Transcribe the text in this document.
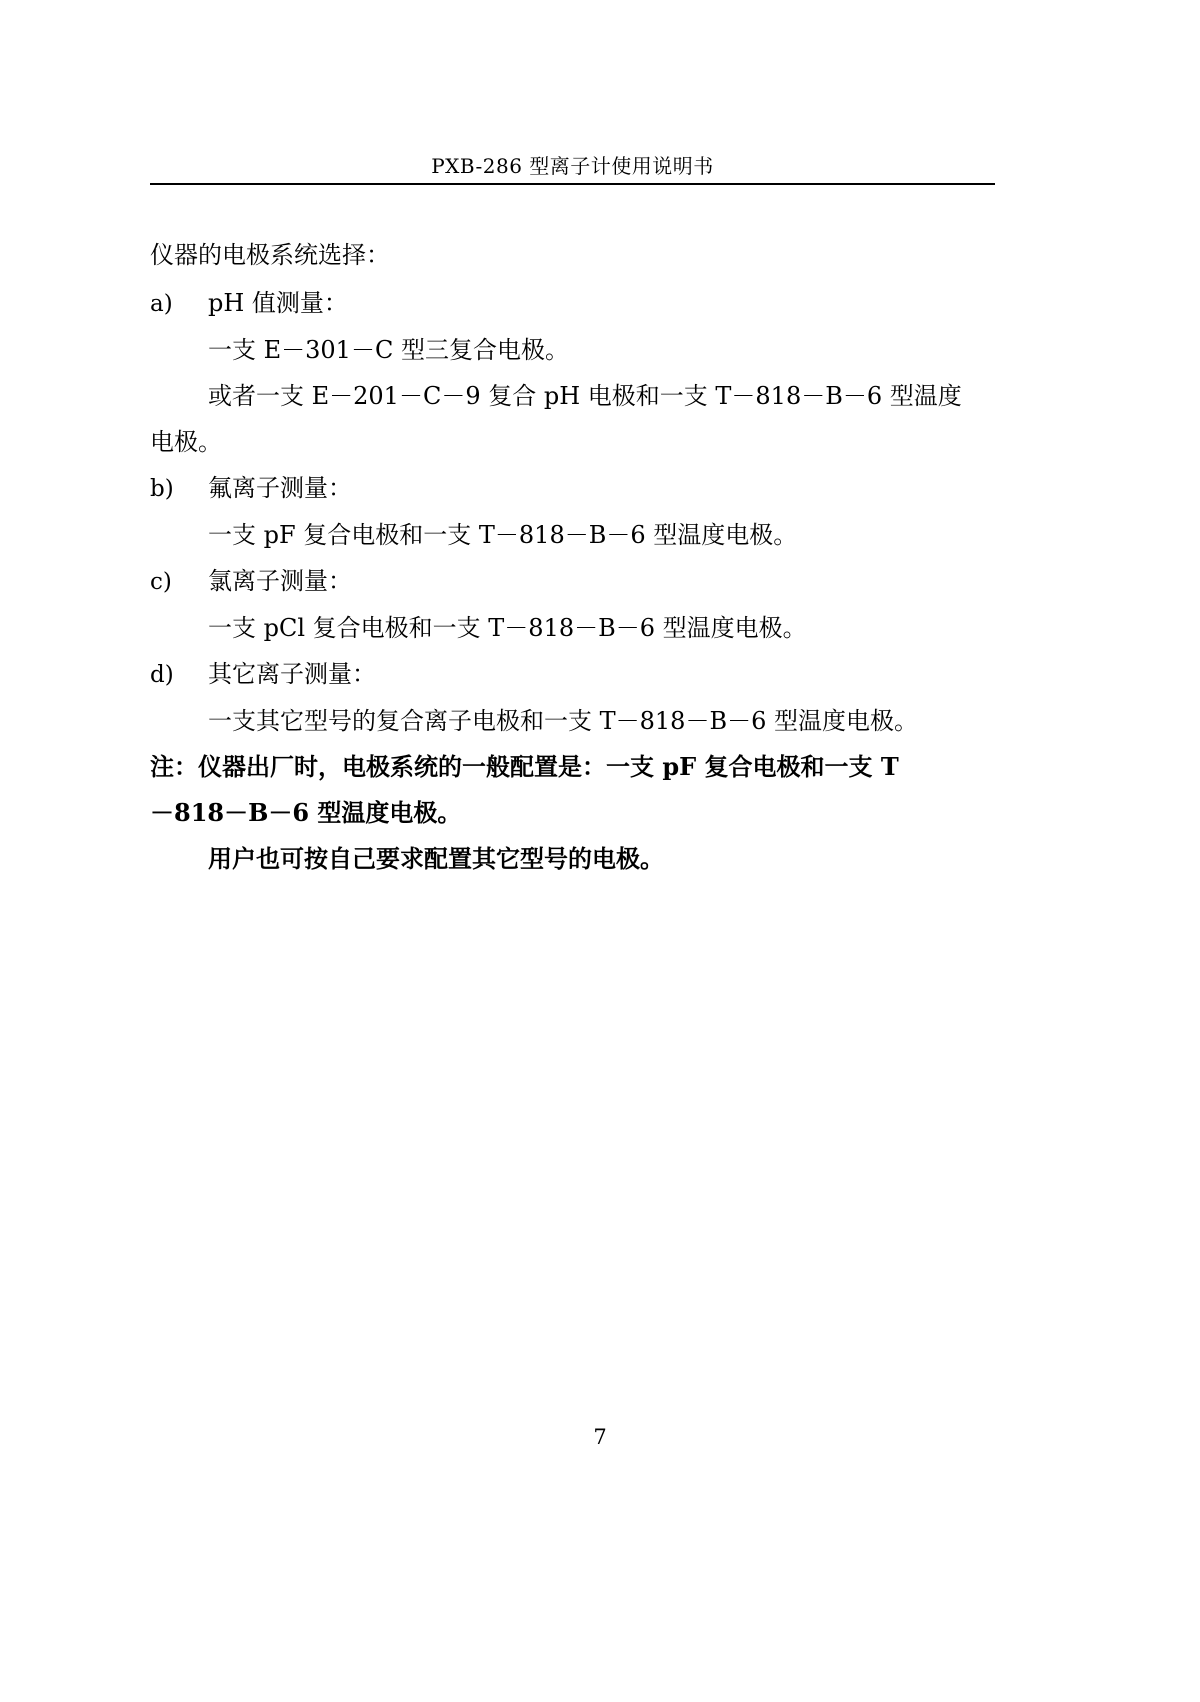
PXB-286 型离子计使用说明书
仪器的电极系统选择：
a) pH 值测量：
一支 E－301－C 型三复合电极。
或者一支 E－201－C－9 复合 pH 电极和一支 T－818－B－6 型温度
电极。
b) 氟离子测量：
一支 pF 复合电极和一支 T－818－B－6 型温度电极。
c) 氯离子测量：
一支 pCl 复合电极和一支 T－818－B－6 型温度电极。
d) 其它离子测量：
一支其它型号的复合离子电极和一支 T－818－B－6 型温度电极。
注：仪器出厂时，电极系统的一般配置是：一支 pF 复合电极和一支 T
－818－B－6 型温度电极。
用户也可按自己要求配置其它型号的电极。
7
